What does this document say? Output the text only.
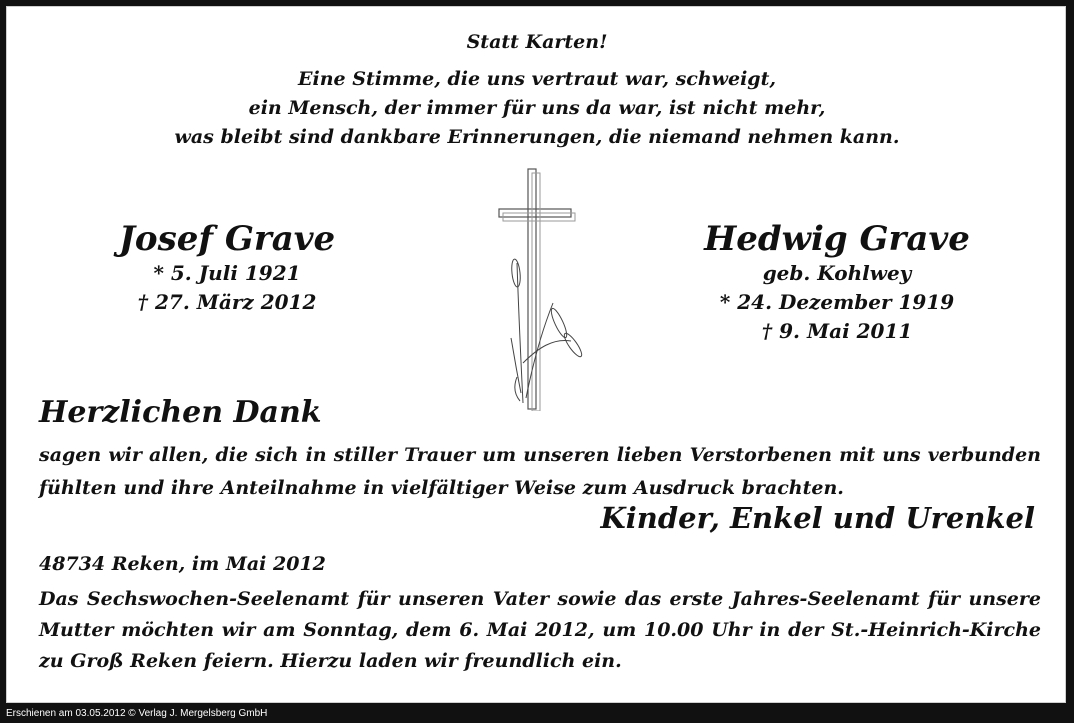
Statt Karten!
Eine Stimme, die uns vertraut war, schweigt,
ein Mensch, der immer für uns da war, ist nicht mehr,
was bleibt sind dankbare Erinnerungen, die niemand nehmen kann.
Josef Grave
* 5. Juli 1921
† 27. März 2012
Hedwig Grave
geb. Kohlwey
* 24. Dezember 1919
† 9. Mai 2011
Herzlichen Dank
sagen wir allen, die sich in stiller Trauer um unseren lieben Verstorbenen mit uns verbunden fühlten und ihre Anteilnahme in vielfältiger Weise zum Ausdruck brachten.
Kinder, Enkel und Urenkel
48734 Reken, im Mai 2012
Das Sechswochen-Seelenamt für unseren Vater sowie das erste Jahres-Seelenamt für unsere Mutter möchten wir am Sonntag, dem 6. Mai 2012, um 10.00 Uhr in der St.-Heinrich-Kirche zu Groß Reken feiern. Hierzu laden wir freundlich ein.
Erschienen am 03.05.2012 © Verlag J. Mergelsberg GmbH
